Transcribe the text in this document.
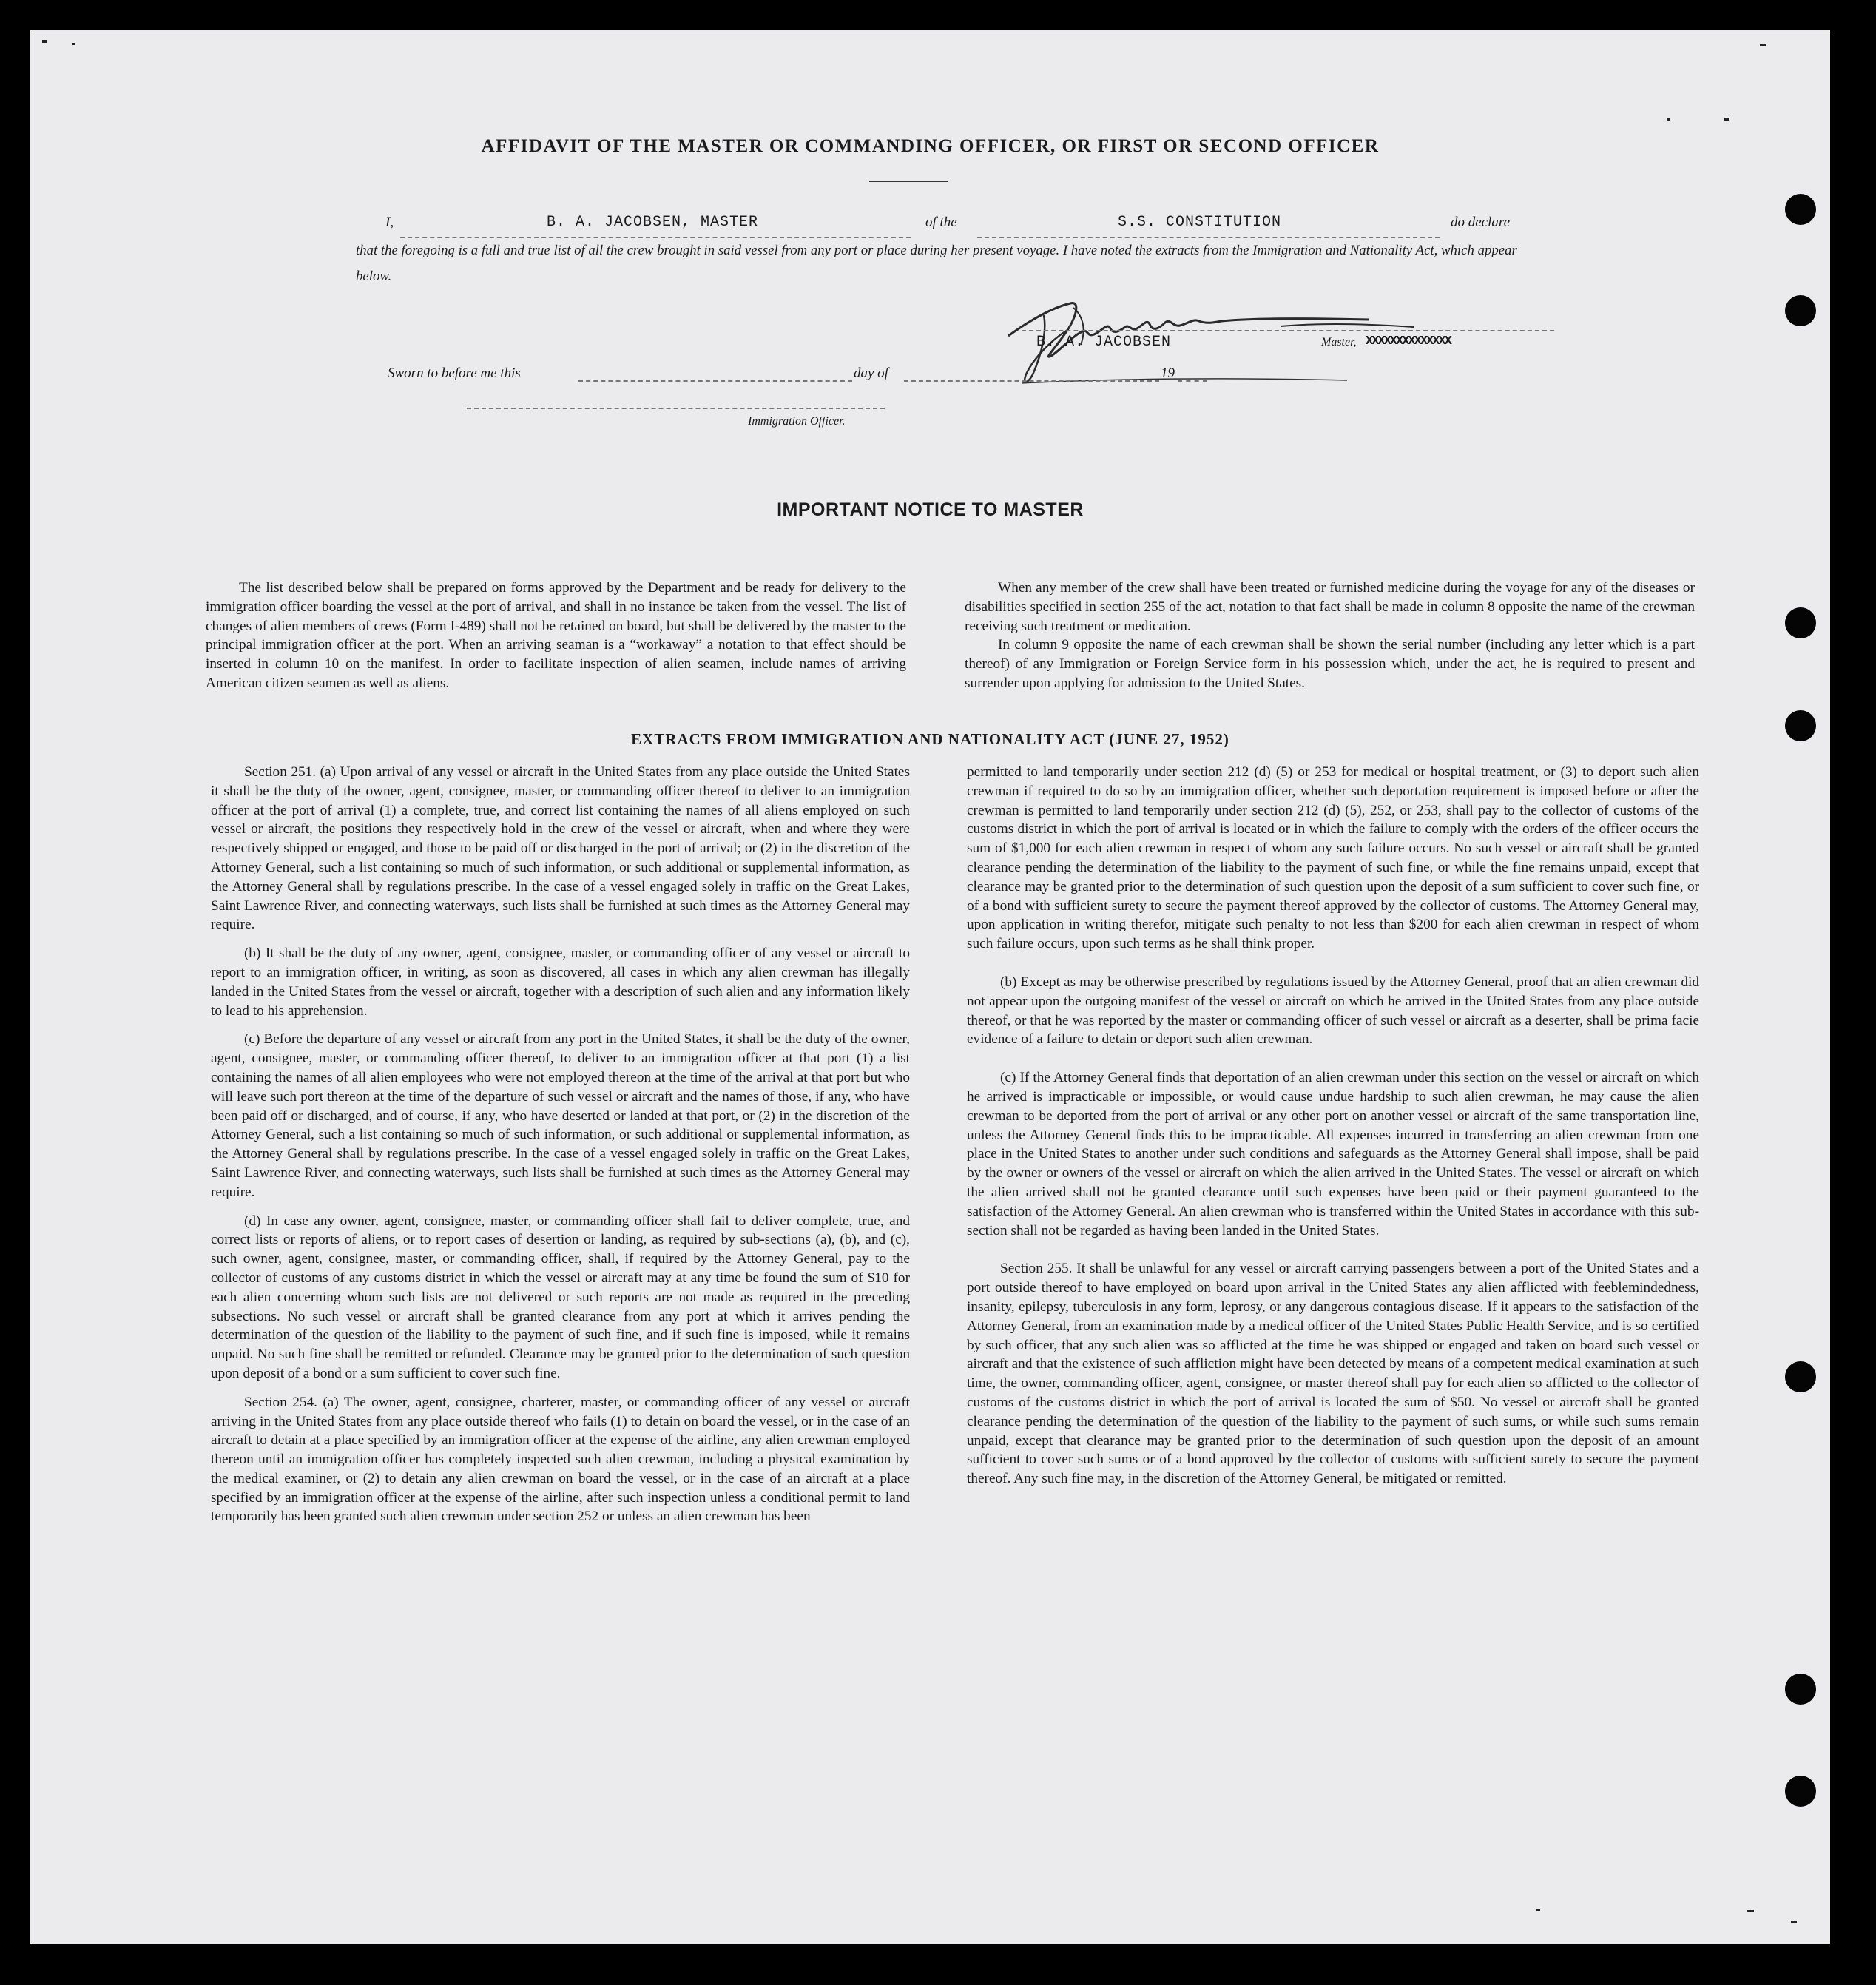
AFFIDAVIT OF THE MASTER OR COMMANDING OFFICER, OR FIRST OR SECOND OFFICER
I,	B. A. JACOBSEN, MASTER	of the	S.S. CONSTITUTION	do declare
that the foregoing is a full and true list of all the crew brought in said vessel from any port or place during her present voyage. I have noted the extracts from the Immigration and Nationality Act, which appear below.
B. A. JACOBSEN	Master, XXXXXXXXXXXXXX
Sworn to before me this	day of	19
Immigration Officer.
IMPORTANT NOTICE TO MASTER

The list described below shall be prepared on forms approved by the Department and be ready for delivery to the immigration officer boarding the vessel at the port of arrival, and shall in no instance be taken from the vessel. The list of changes of alien members of crews (Form I-489) shall not be retained on board, but shall be delivered by the master to the principal immigration officer at the port. When an arriving seaman is a “workaway” a notation to that effect should be inserted in column 10 on the manifest. In order to facilitate inspection of alien seamen, include names of arriving American citizen seamen as well as aliens.

When any member of the crew shall have been treated or furnished medicine during the voyage for any of the diseases or disabilities specified in section 255 of the act, notation to that fact shall be made in column 8 opposite the name of the crewman receiving such treatment or medication.

In column 9 opposite the name of each crewman shall be shown the serial number (including any letter which is a part thereof) of any Immigration or Foreign Service form in his possession which, under the act, he is required to present and surrender upon applying for admission to the United States.

EXTRACTS FROM IMMIGRATION AND NATIONALITY ACT (JUNE 27, 1952)

Section 251. (a) Upon arrival of any vessel or aircraft in the United States from any place outside the United States it shall be the duty of the owner, agent, consignee, master, or commanding officer thereof to deliver to an immigration officer at the port of arrival (1) a complete, true, and correct list containing the names of all aliens employed on such vessel or aircraft, the positions they respectively hold in the crew of the vessel or aircraft, when and where they were respectively shipped or engaged, and those to be paid off or discharged in the port of arrival; or (2) in the discretion of the Attorney General, such a list containing so much of such information, or such additional or supplemental information, as the Attorney General shall by regulations prescribe. In the case of a vessel engaged solely in traffic on the Great Lakes, Saint Lawrence River, and connecting waterways, such lists shall be furnished at such times as the Attorney General may require.

(b) It shall be the duty of any owner, agent, consignee, master, or commanding officer of any vessel or aircraft to report to an immigration officer, in writing, as soon as discovered, all cases in which any alien crewman has illegally landed in the United States from the vessel or aircraft, together with a description of such alien and any information likely to lead to his apprehension.

(c) Before the departure of any vessel or aircraft from any port in the United States, it shall be the duty of the owner, agent, consignee, master, or commanding officer thereof, to deliver to an immigration officer at that port (1) a list containing the names of all alien employees who were not employed thereon at the time of the arrival at that port but who will leave such port thereon at the time of the departure of such vessel or aircraft and the names of those, if any, who have been paid off or discharged, and of course, if any, who have deserted or landed at that port, or (2) in the discretion of the Attorney General, such a list containing so much of such information, or such additional or supplemental information, as the Attorney General shall by regulations prescribe. In the case of a vessel engaged solely in traffic on the Great Lakes, Saint Lawrence River, and connecting waterways, such lists shall be furnished at such times as the Attorney General may require.

(d) In case any owner, agent, consignee, master, or commanding officer shall fail to deliver complete, true, and correct lists or reports of aliens, or to report cases of desertion or landing, as required by sub-sections (a), (b), and (c), such owner, agent, consignee, master, or commanding officer, shall, if required by the Attorney General, pay to the collector of customs of any customs district in which the vessel or aircraft may at any time be found the sum of $10 for each alien concerning whom such lists are not delivered or such reports are not made as required in the preceding subsections. No such vessel or aircraft shall be granted clearance from any port at which it arrives pending the determination of the question of the liability to the payment of such fine, and if such fine is imposed, while it remains unpaid. No such fine shall be remitted or refunded. Clearance may be granted prior to the determination of such question upon deposit of a bond or a sum sufficient to cover such fine.

Section 254. (a) The owner, agent, consignee, charterer, master, or commanding officer of any vessel or aircraft arriving in the United States from any place outside thereof who fails (1) to detain on board the vessel, or in the case of an aircraft to detain at a place specified by an immigration officer at the expense of the airline, any alien crewman employed thereon until an immigration officer has completely inspected such alien crewman, including a physical examination by the medical examiner, or (2) to detain any alien crewman on board the vessel, or in the case of an aircraft at a place specified by an immigration officer at the expense of the airline, after such inspection unless a conditional permit to land temporarily has been granted such alien crewman under section 252 or unless an alien crewman has been

permitted to land temporarily under section 212 (d) (5) or 253 for medical or hospital treatment, or (3) to deport such alien crewman if required to do so by an immigration officer, whether such deportation requirement is imposed before or after the crewman is permitted to land temporarily under section 212 (d) (5), 252, or 253, shall pay to the collector of customs of the customs district in which the port of arrival is located or in which the failure to comply with the orders of the officer occurs the sum of $1,000 for each alien crewman in respect of whom any such failure occurs. No such vessel or aircraft shall be granted clearance pending the determination of the liability to the payment of such fine, or while the fine remains unpaid, except that clearance may be granted prior to the determination of such question upon the deposit of a sum sufficient to cover such fine, or of a bond with sufficient surety to secure the payment thereof approved by the collector of customs. The Attorney General may, upon application in writing therefor, mitigate such penalty to not less than $200 for each alien crewman in respect of whom such failure occurs, upon such terms as he shall think proper.

(b) Except as may be otherwise prescribed by regulations issued by the Attorney General, proof that an alien crewman did not appear upon the outgoing manifest of the vessel or aircraft on which he arrived in the United States from any place outside thereof, or that he was reported by the master or commanding officer of such vessel or aircraft as a deserter, shall be prima facie evidence of a failure to detain or deport such alien crewman.

(c) If the Attorney General finds that deportation of an alien crewman under this section on the vessel or aircraft on which he arrived is impracticable or impossible, or would cause undue hardship to such alien crewman, he may cause the alien crewman to be deported from the port of arrival or any other port on another vessel or aircraft of the same transportation line, unless the Attorney General finds this to be impracticable. All expenses incurred in transferring an alien crewman from one place in the United States to another under such conditions and safeguards as the Attorney General shall impose, shall be paid by the owner or owners of the vessel or aircraft on which the alien arrived in the United States. The vessel or aircraft on which the alien arrived shall not be granted clearance until such expenses have been paid or their payment guaranteed to the satisfaction of the Attorney General. An alien crewman who is transferred within the United States in accordance with this sub-section shall not be regarded as having been landed in the United States.

Section 255. It shall be unlawful for any vessel or aircraft carrying passengers between a port of the United States and a port outside thereof to have employed on board upon arrival in the United States any alien afflicted with feeblemindedness, insanity, epilepsy, tuberculosis in any form, leprosy, or any dangerous contagious disease. If it appears to the satisfaction of the Attorney General, from an examination made by a medical officer of the United States Public Health Service, and is so certified by such officer, that any such alien was so afflicted at the time he was shipped or engaged and taken on board such vessel or aircraft and that the existence of such affliction might have been detected by means of a competent medical examination at such time, the owner, commanding officer, agent, consignee, or master thereof shall pay for each alien so afflicted to the collector of customs of the customs district in which the port of arrival is located the sum of $50. No vessel or aircraft shall be granted clearance pending the determination of the question of the liability to the payment of such sums, or while such sums remain unpaid, except that clearance may be granted prior to the determination of such question upon the deposit of an amount sufficient to cover such sums or of a bond approved by the collector of customs with sufficient surety to secure the payment thereof. Any such fine may, in the discretion of the Attorney General, be mitigated or remitted.
